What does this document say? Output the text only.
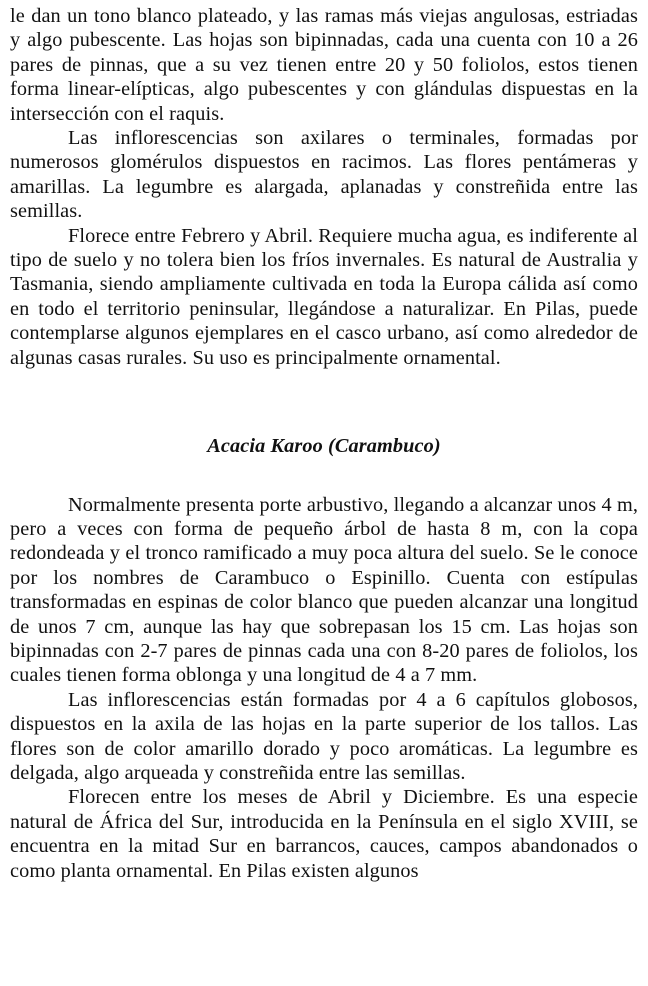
le dan un tono blanco plateado, y las ramas más viejas angulosas, estriadas y algo pubescente. Las hojas son bipinnadas, cada una cuenta con 10 a 26 pares de pinnas, que a su vez tienen entre 20 y 50 foliolos, estos tienen forma linear-elípticas, algo pubescentes y con glándulas dispuestas en la intersección con el raquis.

Las inflorescencias son axilares o terminales, formadas por numerosos glomérulos dispuestos en racimos. Las flores pentámeras y amarillas. La legumbre es alargada, aplanadas y constreñida entre las semillas.

Florece entre Febrero y Abril. Requiere mucha agua, es indiferente al tipo de suelo y no tolera bien los fríos invernales. Es natural de Australia y Tasmania, siendo ampliamente cultivada en toda la Europa cálida así como en todo el territorio peninsular, llegándose a naturalizar. En Pilas, puede contemplarse algunos ejemplares en el casco urbano, así como alrededor de algunas casas rurales. Su uso es principalmente ornamental.

Acacia Karoo (Carambuco)

Normalmente presenta porte arbustivo, llegando a alcanzar unos 4 m, pero a veces con forma de pequeño árbol de hasta 8 m, con la copa redondeada y el tronco ramificado a muy poca altura del suelo. Se le conoce por los nombres de Carambuco o Espinillo. Cuenta con estípulas transformadas en espinas de color blanco que pueden alcanzar una longitud de unos 7 cm, aunque las hay que sobrepasan los 15 cm. Las hojas son bipinnadas con 2-7 pares de pinnas cada una con 8-20 pares de foliolos, los cuales tienen forma oblonga y una longitud de 4 a 7 mm.

Las inflorescencias están formadas por 4 a 6 capítulos globosos, dispuestos en la axila de las hojas en la parte superior de los tallos. Las flores son de color amarillo dorado y poco aromáticas. La legumbre es delgada, algo arqueada y constreñida entre las semillas.

Florecen entre los meses de Abril y Diciembre. Es una especie natural de África del Sur, introducida en la Península en el siglo XVIII, se encuentra en la mitad Sur en barrancos, cauces, campos abandonados o como planta ornamental. En Pilas existen algunos
